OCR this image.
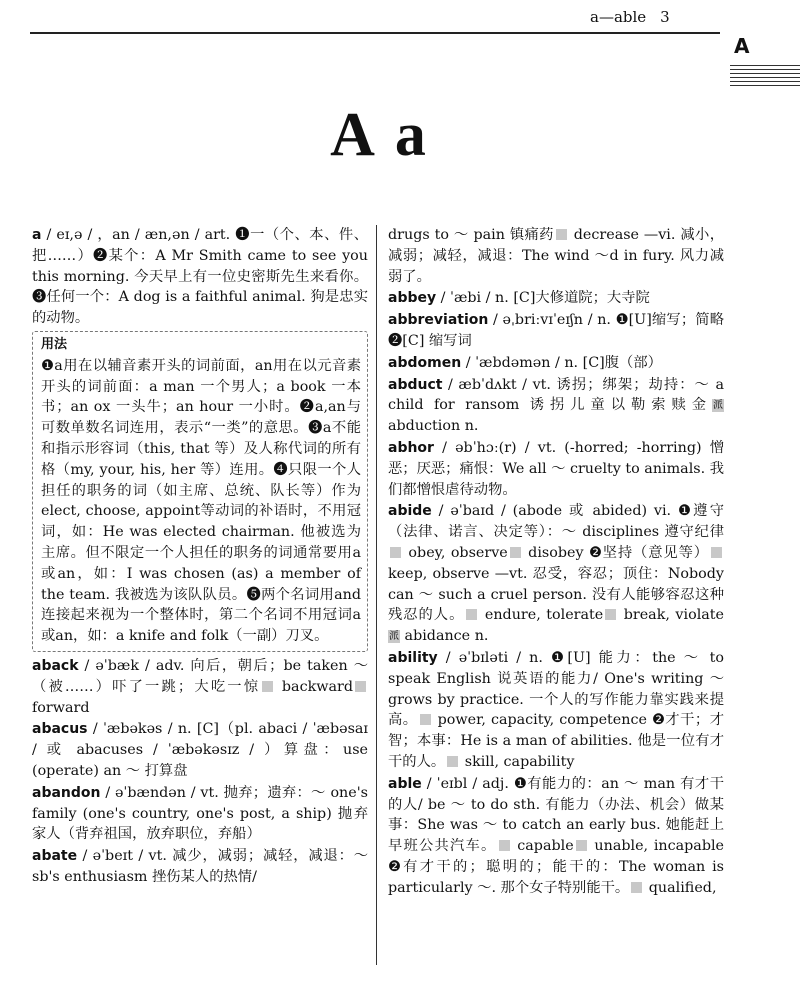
a—able 3
A
A a
a / eɪ,ə / ，an / æn,ən / art. ❶一（个、本、件、把……）❷某个：A Mr Smith came to see you this morning. 今天早上有一位史密斯先生来看你。❸任何一个：A dog is a faithful animal. 狗是忠实的动物。
用法
❶a用在以辅音素开头的词前面，an用在以元音素开头的词前面：a man 一个男人；a book 一本书；an ox 一头牛；an hour 一小时。❷a,an与可数单数名词连用，表示“一类”的意思。❸a不能和指示形容词（this, that 等）及人称代词的所有格（my, your, his, her 等）连用。❹只限一个人担任的职务的词（如主席、总统、队长等）作为 elect, choose, appoint等动词的补语时，不用冠词，如：He was elected chairman. 他被选为主席。但不限定一个人担任的职务的词通常要用a或an，如：I was chosen (as) a member of the team. 我被选为该队队员。❺两个名词用and连接起来视为一个整体时，第二个名词不用冠词a或an，如：a knife and folk（一副）刀叉。
aback / əˈbæk / adv. 向后，朝后；be taken ～（被……）吓了一跳；大吃一惊 backward forward
abacus / ˈæbəkəs / n. [C]（pl. abaci / ˈæbəsaɪ / 或 abacuses / ˈæbəkəsɪz / ）算盘：use (operate) an ～ 打算盘
abandon / əˈbændən / vt. 抛弃；遗弃：～ one's family (one's country, one's post, a ship) 抛弃家人（背弃祖国，放弃职位，弃船）
abate / əˈbeɪt / vt. 减少，减弱；减轻，减退：～ sb's enthusiasm 挫伤某人的热情/
drugs to ～ pain 镇痛药 decrease —vi. 减小，减弱；减轻，减退：The wind ～d in fury. 风力减弱了。
abbey / ˈæbi / n. [C]大修道院；大寺院
abbreviation / əˌbriːvɪˈeɪʃn / n. ❶[U]缩写；简略 ❷[C] 缩写词
abdomen / ˈæbdəmən / n. [C]腹（部）
abduct / æbˈdʌkt / vt. 诱拐；绑架；劫持：～ a child for ransom 诱拐儿童以勒索赎金派 abduction n.
abhor / əbˈhɔː(r) / vt. (-horred; -horring) 憎恶；厌恶；痛恨：We all ～ cruelty to animals. 我们都憎恨虐待动物。
abide / əˈbaɪd / (abode 或 abided) vi. ❶遵守（法律、诺言、决定等）：～ disciplines 遵守纪律 obey, observe disobey ❷坚持（意见等） keep, observe —vt. 忍受，容忍；顶住：Nobody can ～ such a cruel person. 没有人能够容忍这种残忍的人。 endure, tolerate break, violate 派 abidance n.
ability / əˈbɪləti / n. ❶[U] 能力：the ～ to speak English 说英语的能力/ One's writing ～ grows by practice. 一个人的写作能力靠实践来提高。 power, capacity, competence ❷才干；才智；本事：He is a man of abilities. 他是一位有才干的人。 skill, capability
able / ˈeɪbl / adj. ❶有能力的：an ～ man 有才干的人/ be ～ to do sth. 有能力（办法、机会）做某事：She was ～ to catch an early bus. 她能赶上早班公共汽车。 capable unable, incapable ❷有才干的；聪明的；能干的：The woman is particularly ～. 那个女子特别能干。 qualified,
